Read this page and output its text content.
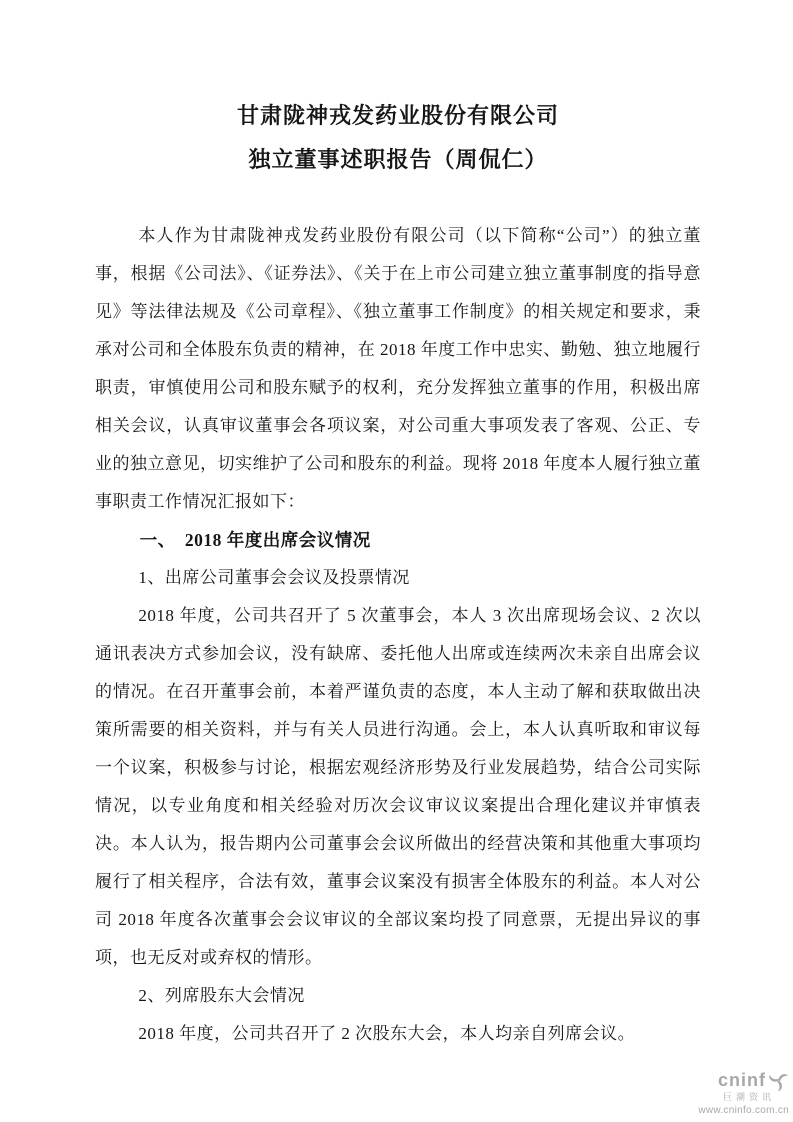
甘肃陇神戎发药业股份有限公司
独立董事述职报告（周侃仁）

本人作为甘肃陇神戎发药业股份有限公司（以下简称“公司”）的独立董事，根据《公司法》、《证券法》、《关于在上市公司建立独立董事制度的指导意见》等法律法规及《公司章程》、《独立董事工作制度》的相关规定和要求，秉承对公司和全体股东负责的精神，在 2018 年度工作中忠实、勤勉、独立地履行职责，审慎使用公司和股东赋予的权利，充分发挥独立董事的作用，积极出席相关会议，认真审议董事会各项议案，对公司重大事项发表了客观、公正、专业的独立意见，切实维护了公司和股东的利益。现将 2018 年度本人履行独立董事职责工作情况汇报如下：

一、　2018 年度出席会议情况
1、出席公司董事会会议及投票情况

2018 年度，公司共召开了 5 次董事会，本人 3 次出席现场会议、2 次以通讯表决方式参加会议，没有缺席、委托他人出席或连续两次未亲自出席会议的情况。在召开董事会前，本着严谨负责的态度，本人主动了解和获取做出决策所需要的相关资料，并与有关人员进行沟通。会上，本人认真听取和审议每一个议案，积极参与讨论，根据宏观经济形势及行业发展趋势，结合公司实际情况，以专业角度和相关经验对历次会议审议议案提出合理化建议并审慎表决。本人认为，报告期内公司董事会会议所做出的经营决策和其他重大事项均履行了相关程序，合法有效，董事会议案没有损害全体股东的利益。本人对公司 2018 年度各次董事会会议审议的全部议案均投了同意票，无提出异议的事项，也无反对或弃权的情形。

2、列席股东大会情况

2018 年度，公司共召开了 2 次股东大会，本人均亲自列席会议。

cninf
巨潮资讯
www.cninfo.com.cn
